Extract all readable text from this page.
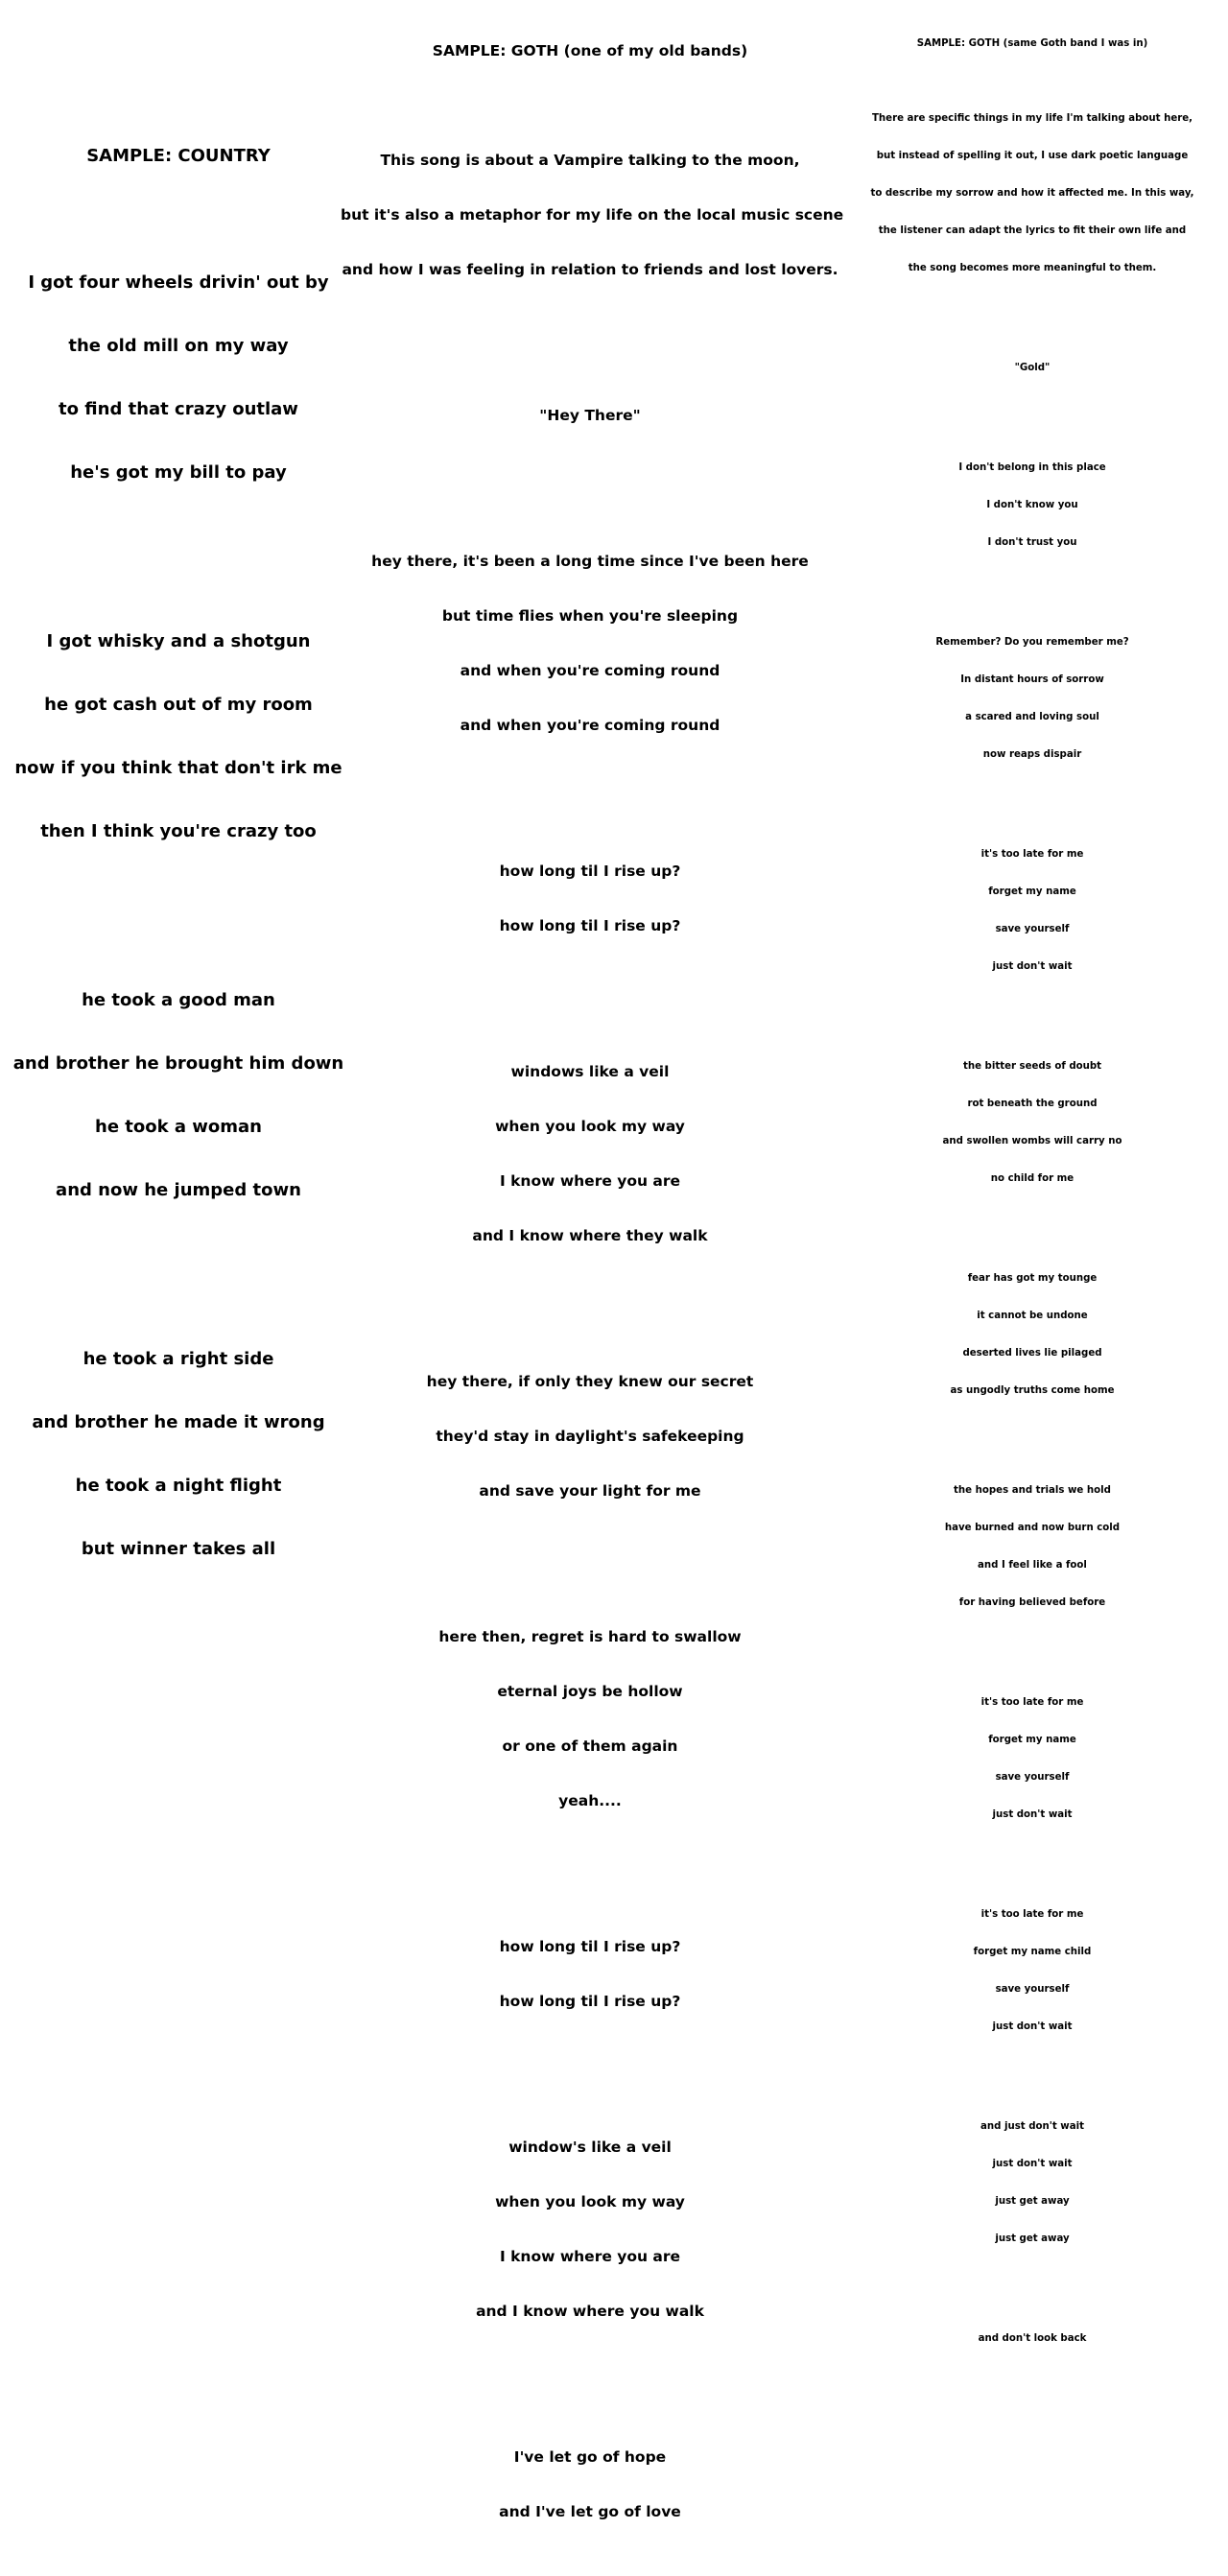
SAMPLE: COUNTRY

I got four wheels drivin' out by

the old mill on my way

to find that crazy outlaw

he's got my bill to pay

I got whisky and a shotgun

he got cash out of my room

now if you think that don't irk me

then I think you're crazy too

he took a good man

and brother he brought him down

he took a woman

and now he jumped town

he took a right side

and brother he made it wrong

he took a night flight

but winner takes all

SAMPLE: GOTH (one of my old bands)

This song is about a Vampire talking to the moon,

but it's also a metaphor for my life on the local music scene

and how I was feeling in relation to friends and lost lovers.

"Hey There"

hey there, it's been a long time since I've been here

but time flies when you're sleeping

and when you're coming round

and when you're coming round

how long til I rise up?

how long til I rise up?

windows like a veil

when you look my way

I know where you are

and I know where they walk

hey there, if only they knew our secret

they'd stay in daylight's safekeeping

and save your light for me

here then, regret is hard to swallow

eternal joys be hollow

or one of them again

yeah....

how long til I rise up?

how long til I rise up?

window's like a veil

when you look my way

I know where you are

and I know where you walk

I've let go of hope

and I've let go of love

SAMPLE: GOTH (same Goth band I was in)

There are specific things in my life I'm talking about here,

but instead of spelling it out, I use dark poetic language

to describe my sorrow and how it affected me. In this way,

the listener can adapt the lyrics to fit their own life and

the song becomes more meaningful to them.

"Gold"

I don't belong in this place

I don't know you

I don't trust you

Remember? Do you remember me?

In distant hours of sorrow

a scared and loving soul

now reaps dispair

it's too late for me

forget my name

save yourself

just don't wait

the bitter seeds of doubt

rot beneath the ground

and swollen wombs will carry no

no child for me

fear has got my tounge

it cannot be undone

deserted lives lie pilaged

as ungodly truths come home

the hopes and trials we hold

have burned and now burn cold

and I feel like a fool

for having believed before

it's too late for me

forget my name

save yourself

just don't wait

it's too late for me

forget my name child

save yourself

just don't wait

and just don't wait

just don't wait

just get away

just get away

and don't look back
